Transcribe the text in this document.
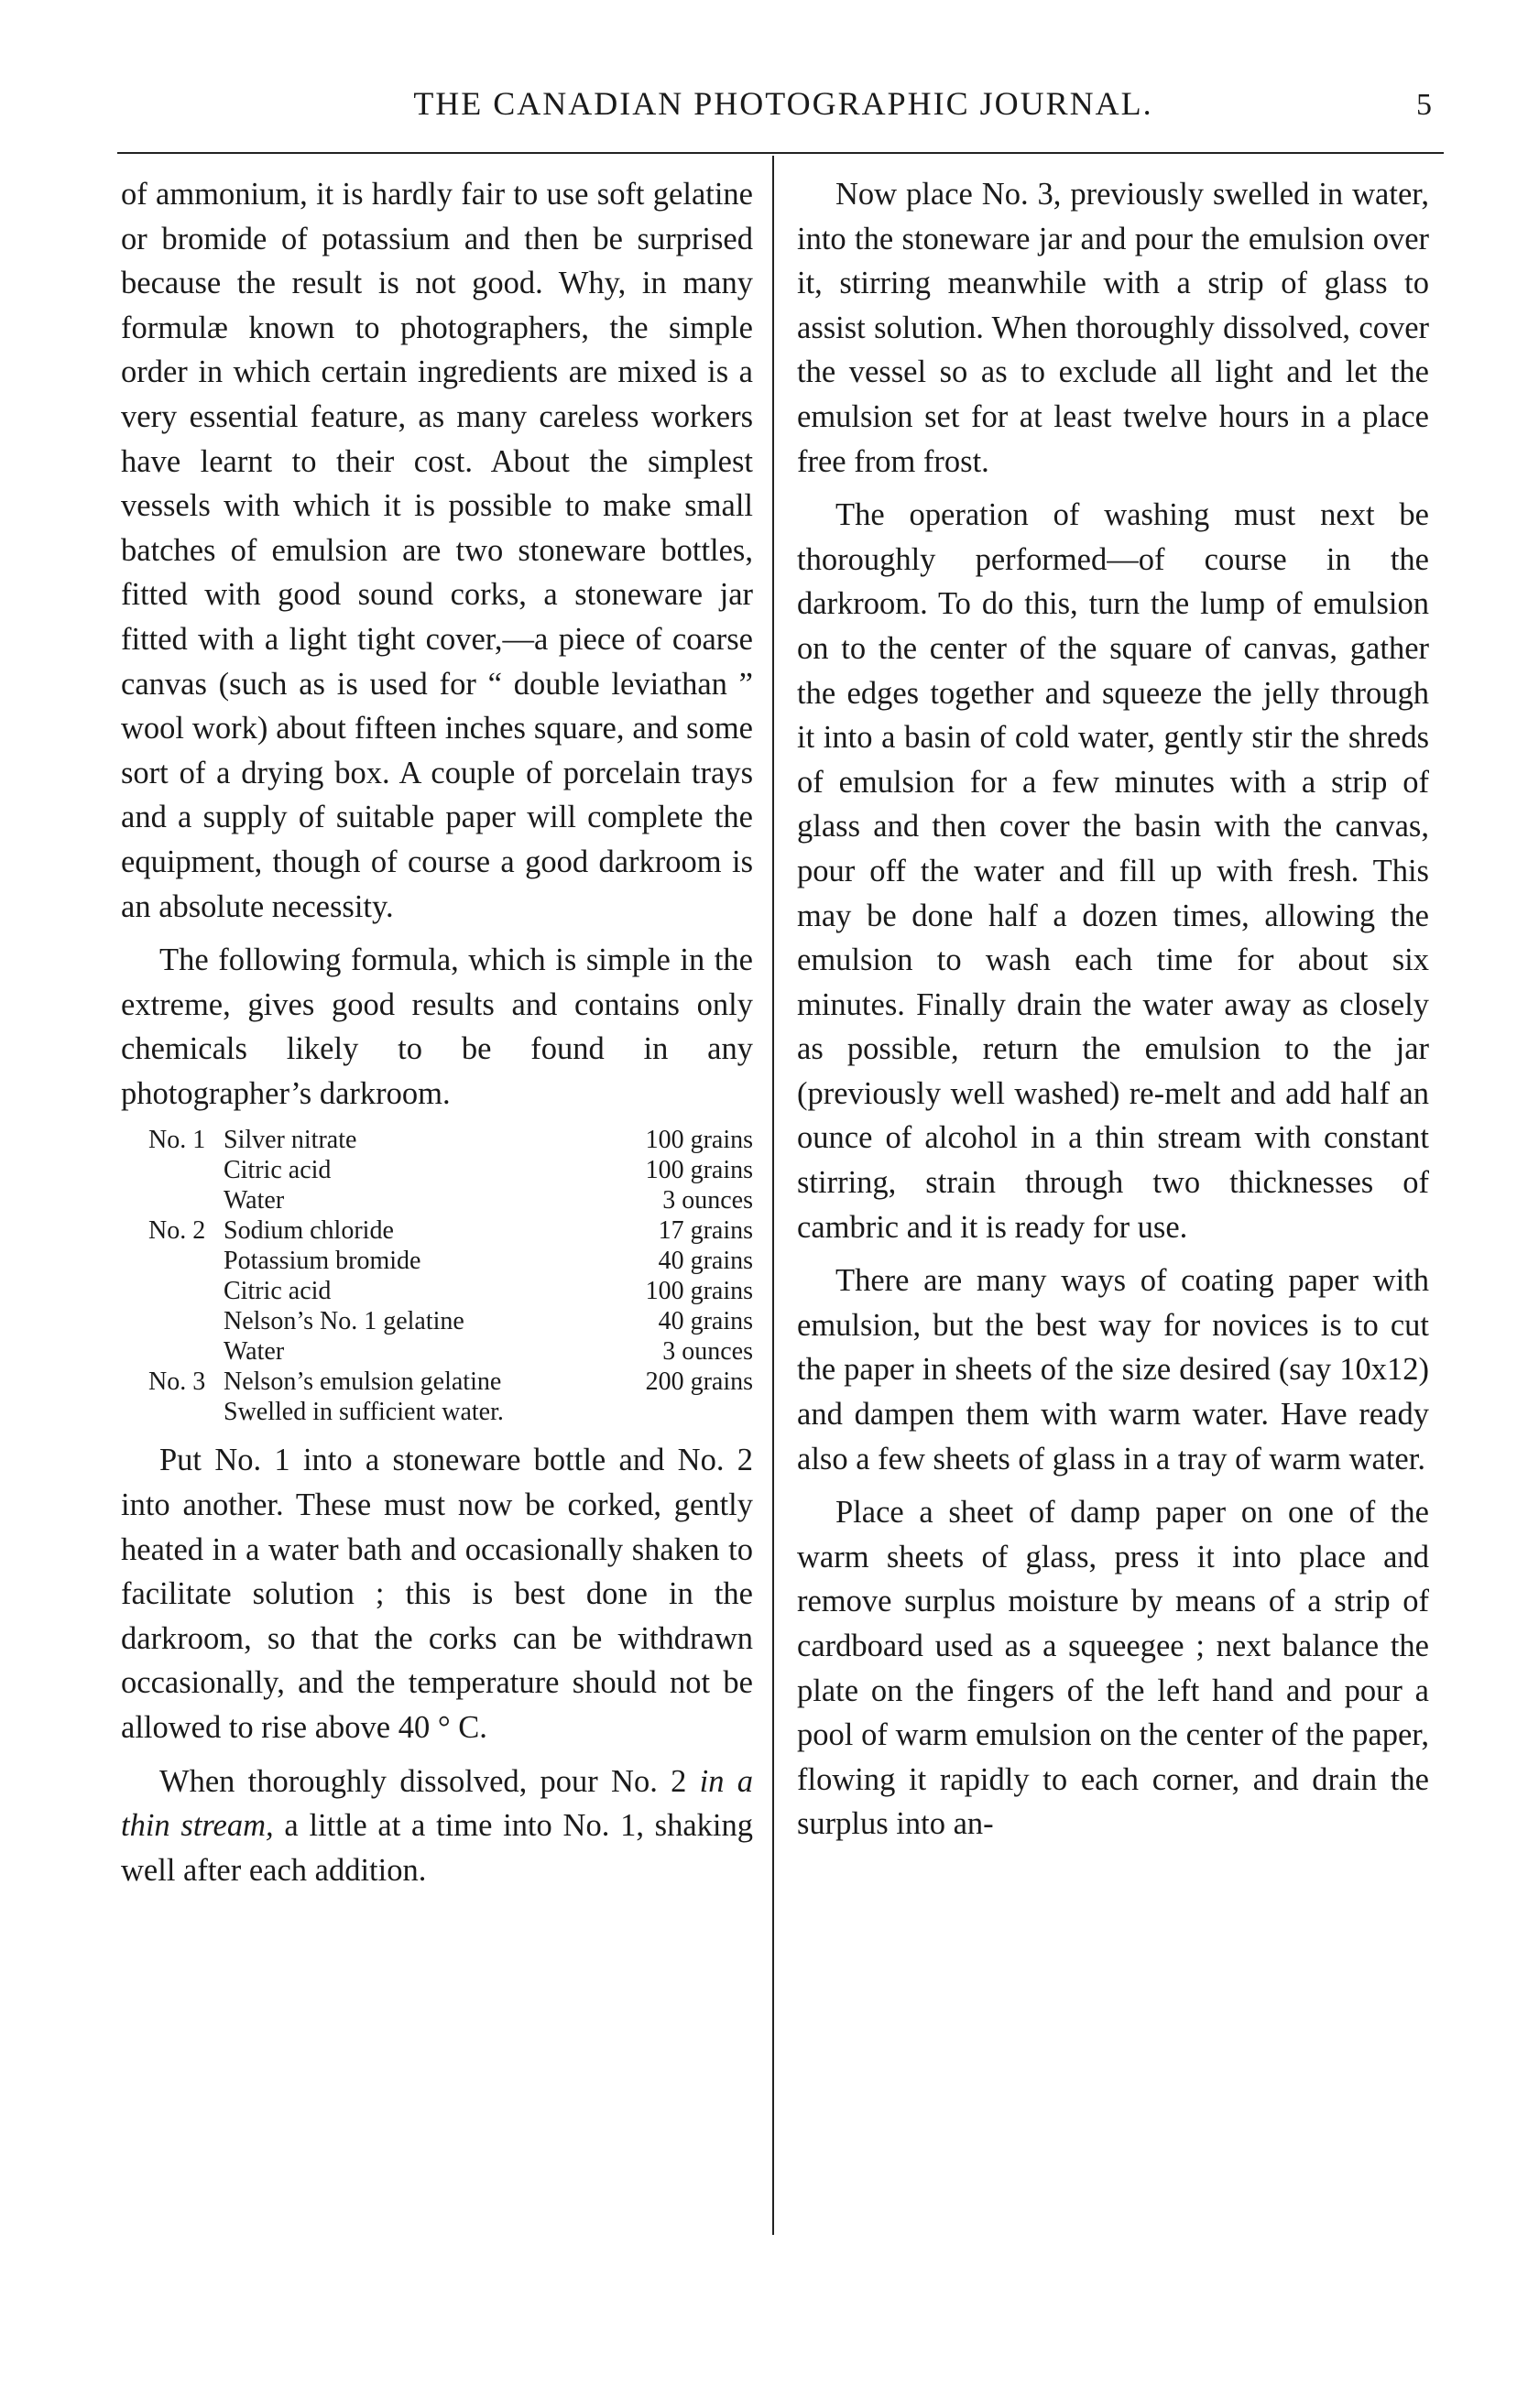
THE CANADIAN PHOTOGRAPHIC JOURNAL.	5

of ammonium, it is hardly fair to use soft gelatine or bromide of potassium and then be surprised because the result is not good. Why, in many formulæ known to photographers, the simple order in which certain ingredients are mixed is a very essential feature, as many careless workers have learnt to their cost. About the simplest vessels with which it is possible to make small batches of emulsion are two stoneware bottles, fitted with good sound corks, a stoneware jar fitted with a light tight cover,—a piece of coarse canvas (such as is used for “ double leviathan ” wool work) about fifteen inches square, and some sort of a drying box. A couple of porcelain trays and a supply of suitable paper will complete the equipment, though of course a good darkroom is an absolute necessity.

The following formula, which is simple in the extreme, gives good results and contains only chemicals likely to be found in any photographer’s darkroom.

No. 1 Silver nitrate	100 grains
Citric acid	100 grains
Water	3 ounces
No. 2 Sodium chloride	17 grains
Potassium bromide	40 grains
Citric acid	100 grains
Nelson’s No. 1 gelatine	40 grains
Water	3 ounces
No. 3 Nelson’s emulsion gelatine	200 grains
Swelled in sufficient water.

Put No. 1 into a stoneware bottle and No. 2 into another. These must now be corked, gently heated in a water bath and occasionally shaken to facilitate solution ; this is best done in the darkroom, so that the corks can be withdrawn occasionally, and the temperature should not be allowed to rise above 40 ° C.

When thoroughly dissolved, pour No. 2 in a thin stream, a little at a time into No. 1, shaking well after each addition.

Now place No. 3, previously swelled in water, into the stoneware jar and pour the emulsion over it, stirring meanwhile with a strip of glass to assist solution. When thoroughly dissolved, cover the vessel so as to exclude all light and let the emulsion set for at least twelve hours in a place free from frost.

The operation of washing must next be thoroughly performed—of course in the darkroom. To do this, turn the lump of emulsion on to the center of the square of canvas, gather the edges together and squeeze the jelly through it into a basin of cold water, gently stir the shreds of emulsion for a few minutes with a strip of glass and then cover the basin with the canvas, pour off the water and fill up with fresh. This may be done half a dozen times, allowing the emulsion to wash each time for about six minutes. Finally drain the water away as closely as possible, return the emulsion to the jar (previously well washed) re-melt and add half an ounce of alcohol in a thin stream with constant stirring, strain through two thicknesses of cambric and it is ready for use.

There are many ways of coating paper with emulsion, but the best way for novices is to cut the paper in sheets of the size desired (say 10x12) and dampen them with warm water. Have ready also a few sheets of glass in a tray of warm water.

Place a sheet of damp paper on one of the warm sheets of glass, press it into place and remove surplus moisture by means of a strip of cardboard used as a squeegee ; next balance the plate on the fingers of the left hand and pour a pool of warm emulsion on the center of the paper, flowing it rapidly to each corner, and drain the surplus into an-
